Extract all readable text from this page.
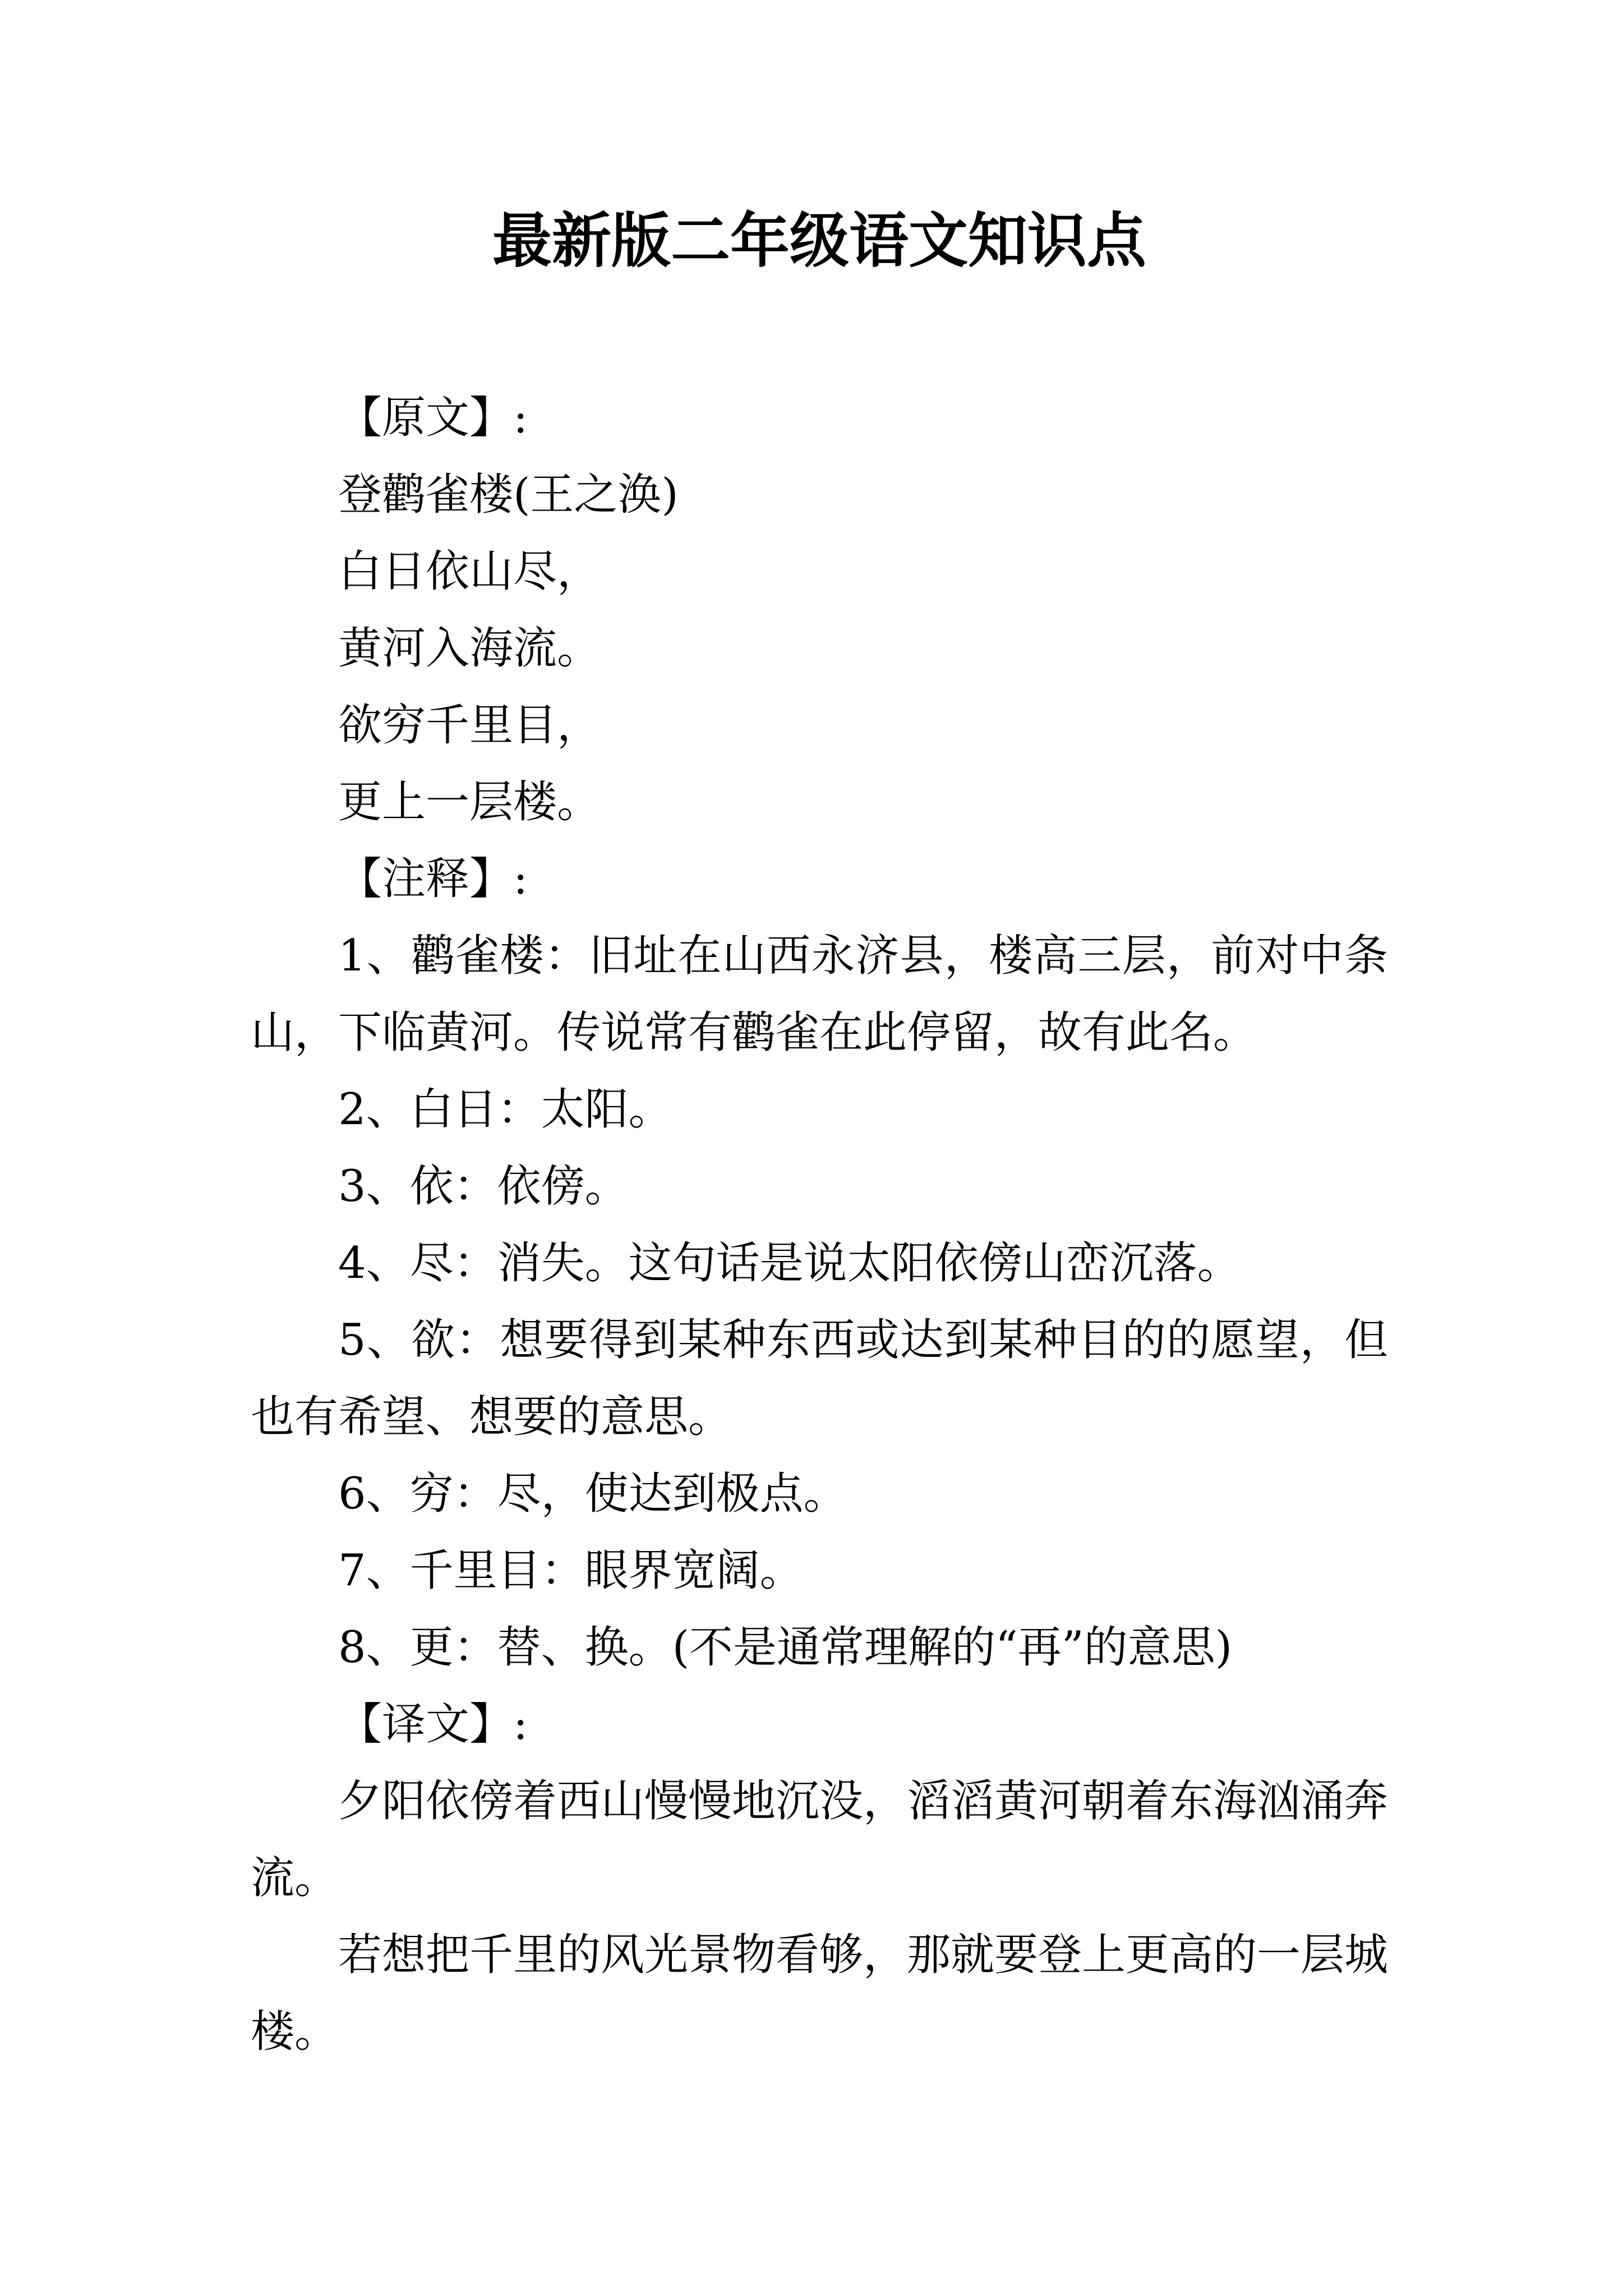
最新版二年级语文知识点
【原文】:
登鹳雀楼(王之涣)
白日依山尽，
黄河入海流。
欲穷千里目，
更上一层楼。
【注释】:
1、鹳雀楼：旧址在山西永济县，楼高三层，前对中条
山，下临黄河。传说常有鹳雀在此停留，故有此名。
2、白日：太阳。
3、依：依傍。
4、尽：消失。这句话是说太阳依傍山峦沉落。
5、欲：想要得到某种东西或达到某种目的的愿望，但
也有希望、想要的意思。
6、穷：尽，使达到极点。
7、千里目：眼界宽阔。
8、更：替、换。(不是通常理解的“再”的意思)
【译文】:
夕阳依傍着西山慢慢地沉没，滔滔黄河朝着东海汹涌奔
流。
若想把千里的风光景物看够，那就要登上更高的一层城
楼。
